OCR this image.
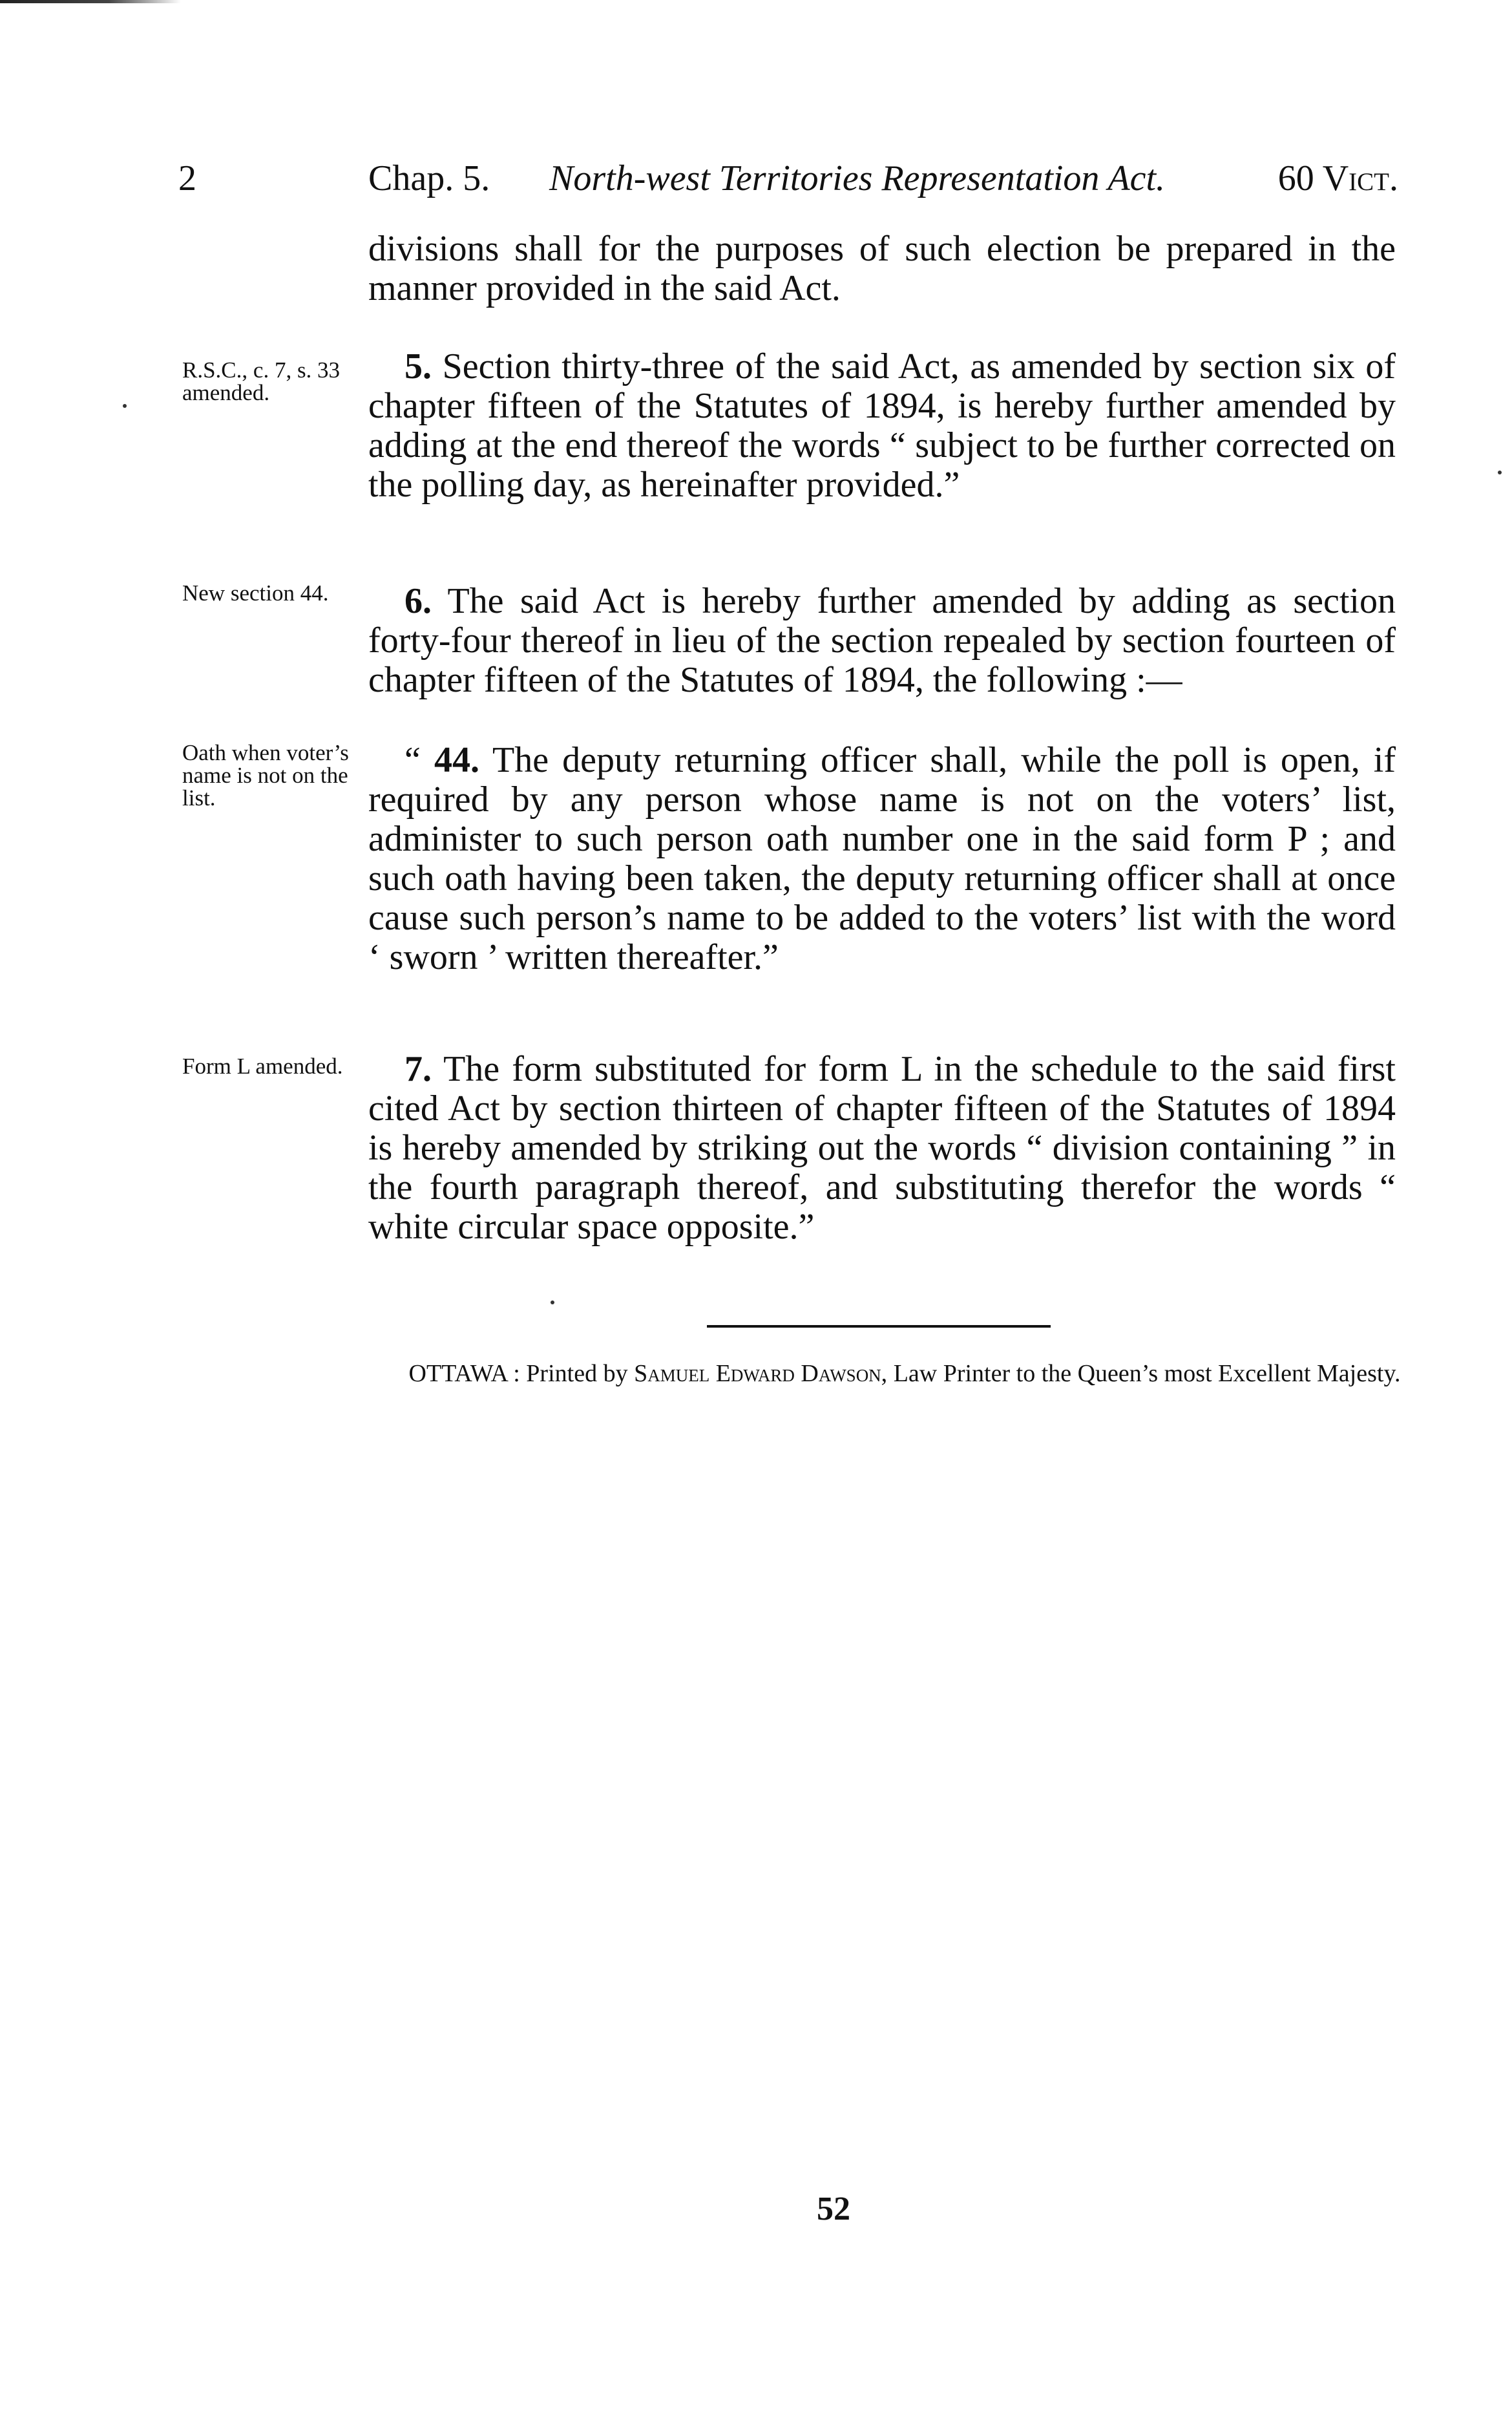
2	Chap. 5. North-west Territories Representation Act.	60 Vict.

divisions shall for the purposes of such election be prepared in the manner provided in the said Act.

R.S.C., c. 7, s. 33 amended.

5. Section thirty-three of the said Act, as amended by section six of chapter fifteen of the Statutes of 1894, is hereby further amended by adding at the end thereof the words “ subject to be further corrected on the polling day, as hereinafter provided.”

New section 44.	6. The said Act is hereby further amended by adding as section forty-four thereof in lieu of the section repealed by section fourteen of chapter fifteen of the Statutes of 1894, the following :—

Oath when voter’s name is not on the list.

“ 44. The deputy returning officer shall, while the poll is open, if required by any person whose name is not on the voters’ list, administer to such person oath number one in the said form P ; and such oath having been taken, the deputy returning officer shall at once cause such person’s name to be added to the voters’ list with the word ‘ sworn ’ written thereafter.”

Form L amended.	7. The form substituted for form L in the schedule to the said first cited Act by section thirteen of chapter fifteen of the Statutes of 1894 is hereby amended by striking out the words “ division containing ” in the fourth paragraph thereof, and substituting therefor the words “ white circular space opposite.”

OTTAWA : Printed by Samuel Edward Dawson, Law Printer to the Queen’s most Excellent Majesty.
52
